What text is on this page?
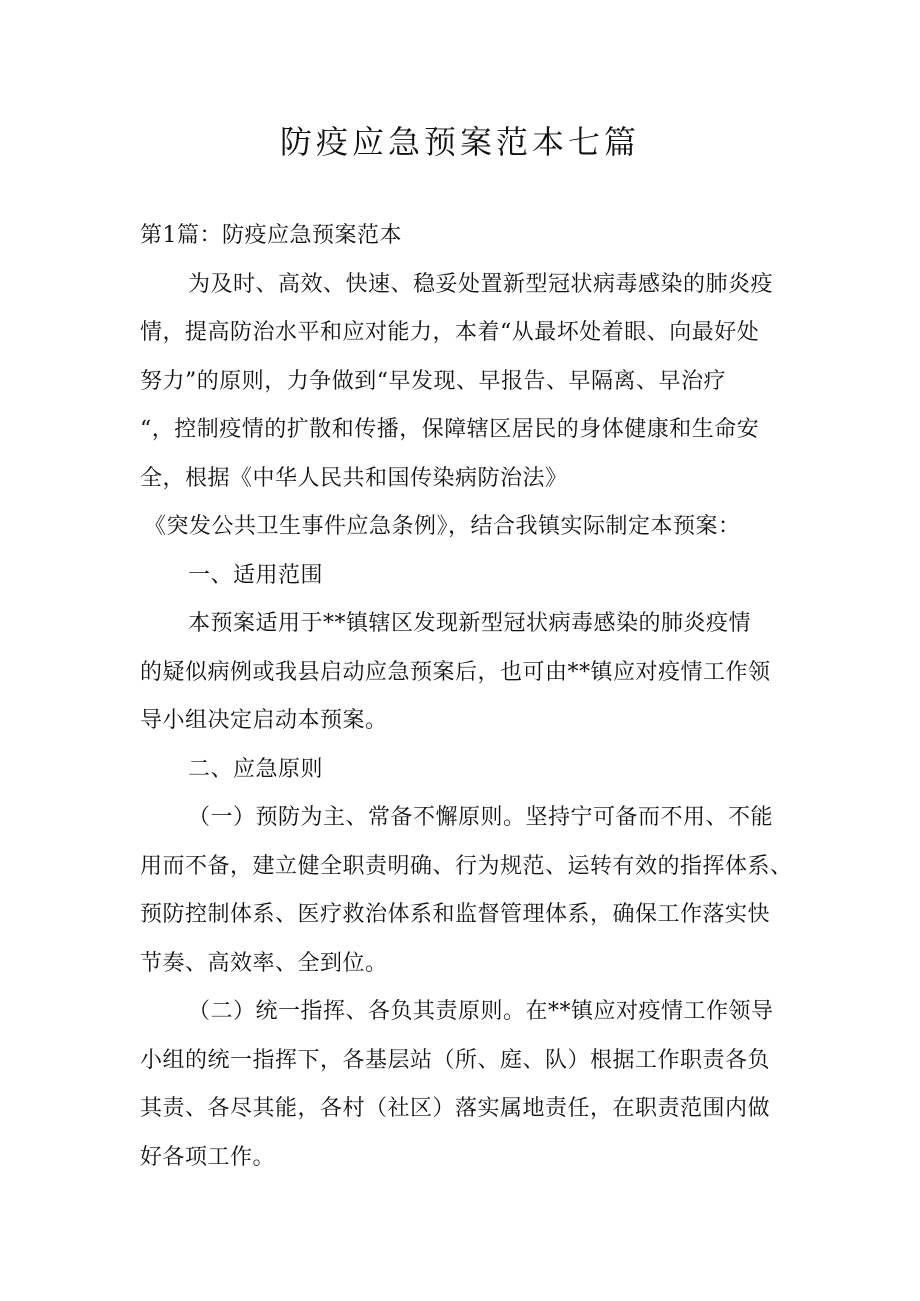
防疫应急预案范本七篇
第1篇：防疫应急预案范本
为及时、高效、快速、稳妥处置新型冠状病毒感染的肺炎疫
情，提高防治水平和应对能力，本着“从最坏处着眼、向最好处
努力”的原则，力争做到“早发现、早报告、早隔离、早治疗
“，控制疫情的扩散和传播，保障辖区居民的身体健康和生命安
全，根据《中华人民共和国传染病防治法》
《突发公共卫生事件应急条例》，结合我镇实际制定本预案：
一、适用范围
本预案适用于**镇辖区发现新型冠状病毒感染的肺炎疫情
的疑似病例或我县启动应急预案后，也可由**镇应对疫情工作领
导小组决定启动本预案。
二、应急原则
（一）预防为主、常备不懈原则。坚持宁可备而不用、不能
用而不备，建立健全职责明确、行为规范、运转有效的指挥体系、
预防控制体系、医疗救治体系和监督管理体系，确保工作落实快
节奏、高效率、全到位。
（二）统一指挥、各负其责原则。在**镇应对疫情工作领导
小组的统一指挥下，各基层站（所、庭、队）根据工作职责各负
其责、各尽其能，各村（社区）落实属地责任，在职责范围内做
好各项工作。
